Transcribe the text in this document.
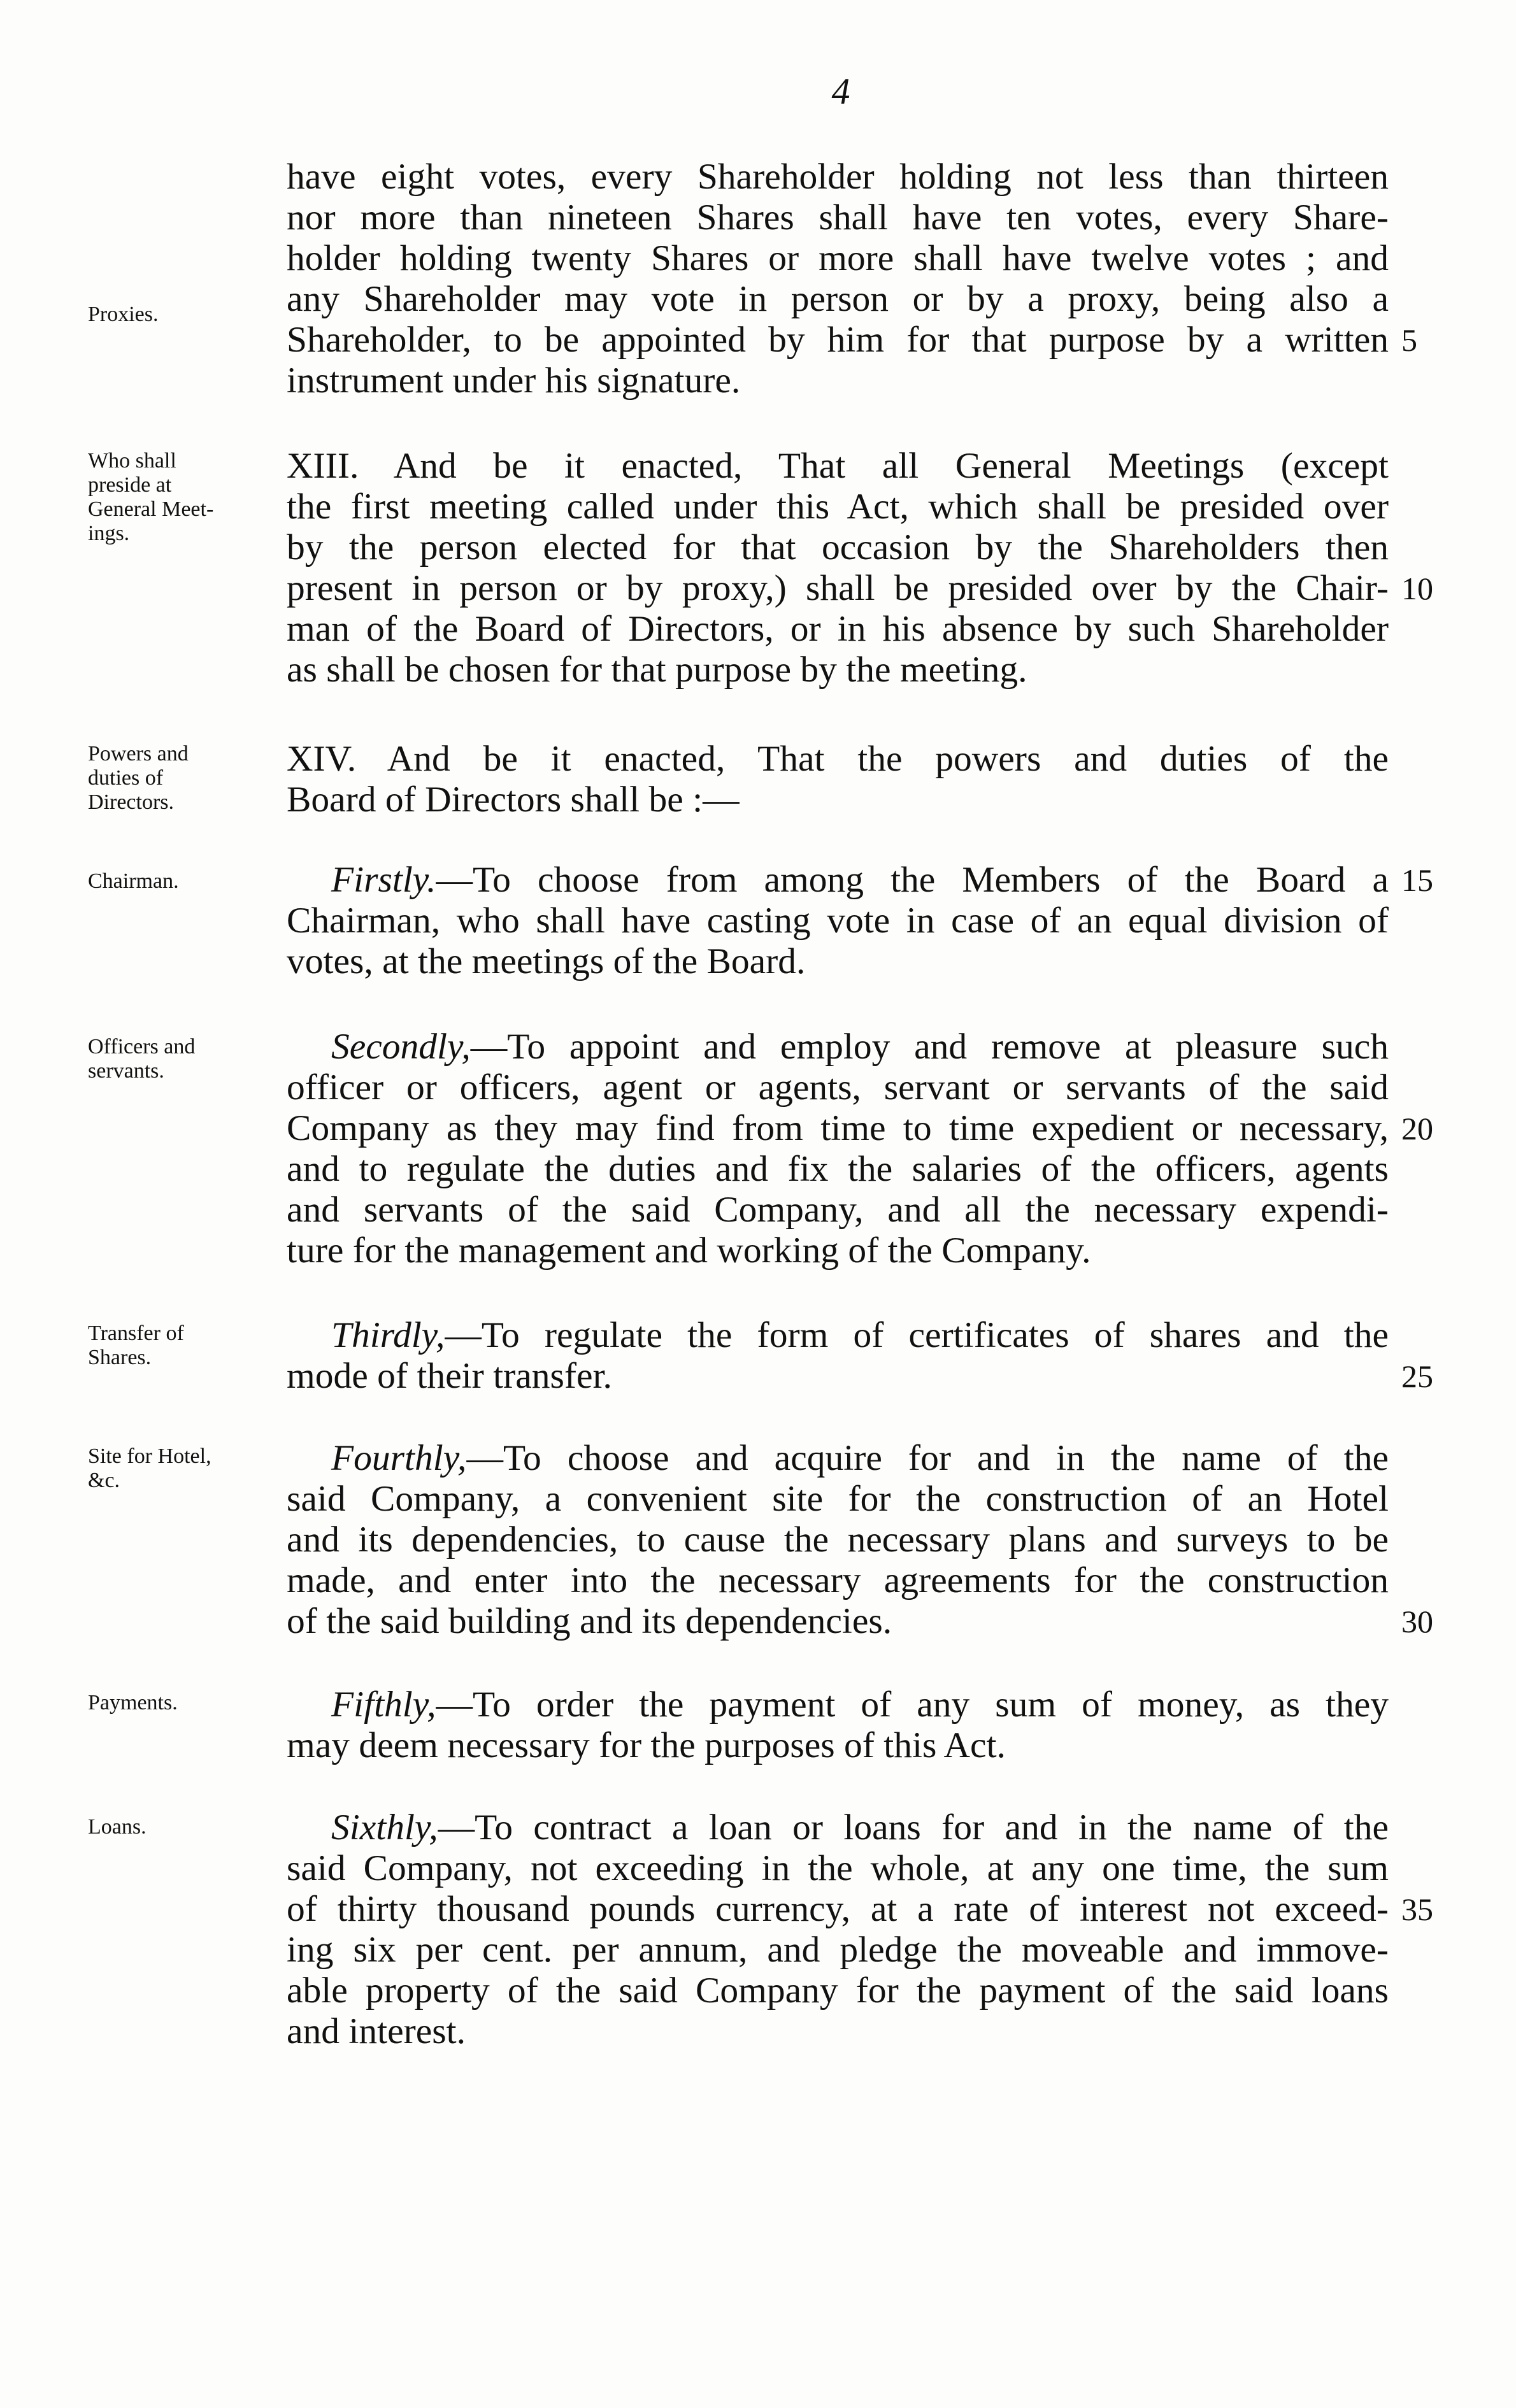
4
Proxies.
have eight votes, every Shareholder holding not less than thirteen
nor more than nineteen Shares shall have ten votes, every Share-
holder holding twenty Shares or more shall have twelve votes ; and
any Shareholder may vote in person or by a proxy, being also a
Shareholder, to be appointed by him for that purpose by a written 5
instrument under his signature.
Who shall
preside at
General Meet-
ings.
XIII. And be it enacted, That all General Meetings (except
the first meeting called under this Act, which shall be presided over
by the person elected for that occasion by the Shareholders then
present in person or by proxy,) shall be presided over by the Chair- 10
man of the Board of Directors, or in his absence by such Shareholder
as shall be chosen for that purpose by the meeting.
Powers and
duties of
Directors.
XIV. And be it enacted, That the powers and duties of the
Board of Directors shall be :—
Chairman.	Firstly.—To choose from among the Members of the Board a 15
Chairman, who shall have casting vote in case of an equal division of
votes, at the meetings of the Board.
Officers and
servants.
Secondly,—To appoint and employ and remove at pleasure such
officer or officers, agent or agents, servant or servants of the said
Company as they may find from time to time expedient or necessary, 20
and to regulate the duties and fix the salaries of the officers, agents
and servants of the said Company, and all the necessary expendi-
ture for the management and working of the Company.
Transfer of
Shares.
Thirdly,—To regulate the form of certificates of shares and the
mode of their transfer.	25
Site for Hotel,
&c.
Fourthly,—To choose and acquire for and in the name of the
said Company, a convenient site for the construction of an Hotel
and its dependencies, to cause the necessary plans and surveys to be
made, and enter into the necessary agreements for the construction
of the said building and its dependencies.	30
Payments.	Fifthly,—To order the payment of any sum of money, as they
may deem necessary for the purposes of this Act.
Loans.	Sixthly,—To contract a loan or loans for and in the name of the
said Company, not exceeding in the whole, at any one time, the sum
of thirty thousand pounds currency, at a rate of interest not exceed- 35
ing six per cent. per annum, and pledge the moveable and immove-
able property of the said Company for the payment of the said loans
and interest.
